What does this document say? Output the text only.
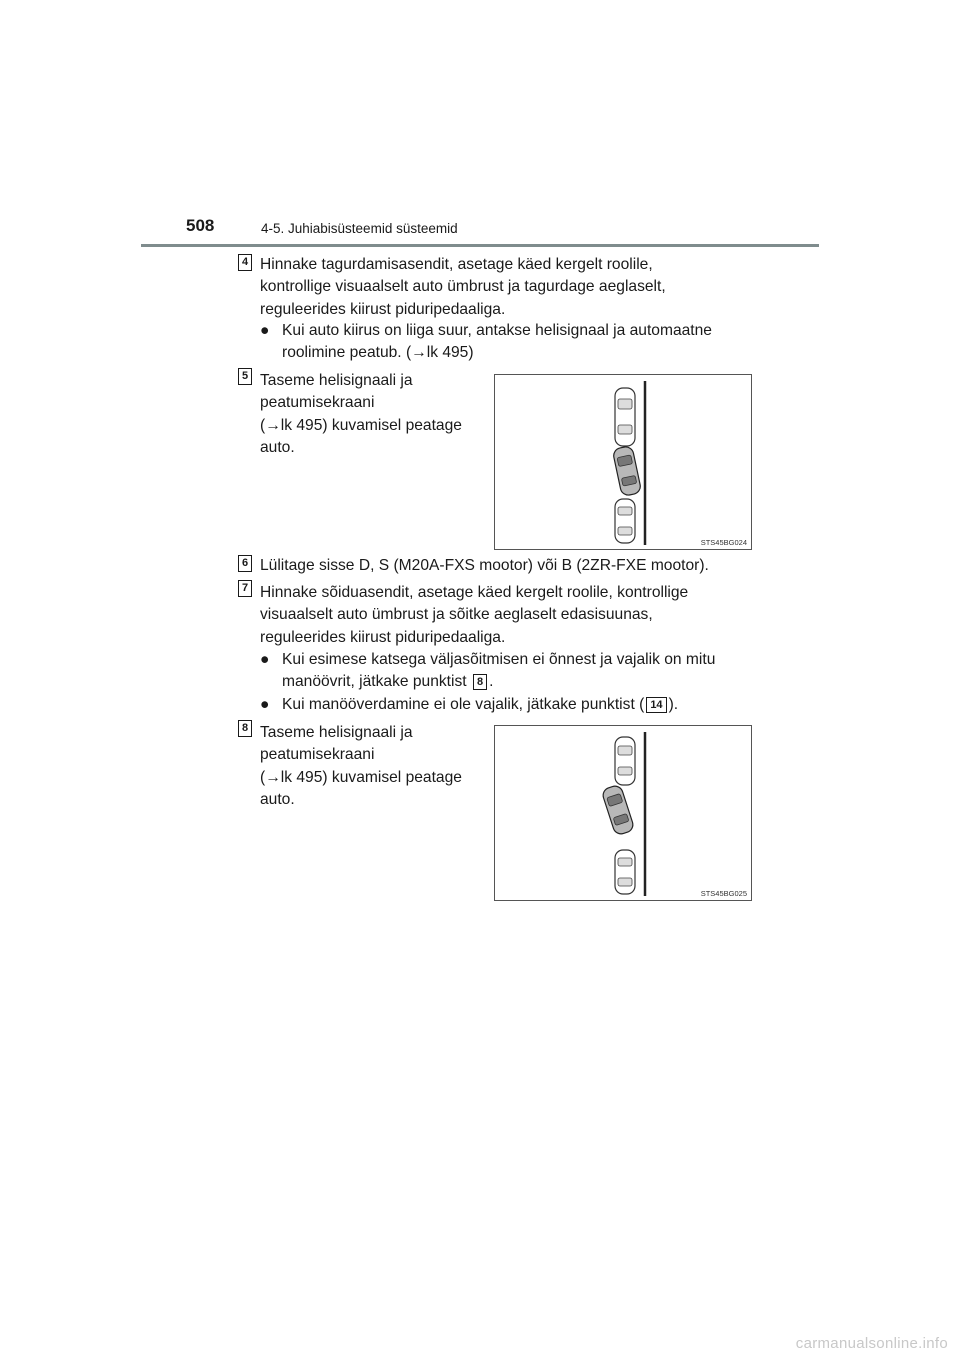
508	4-5. Juhiabisüsteemid süsteemid
4 Hinnake tagurdamisasendit, asetage käed kergelt roolile,
kontrollige visuaalselt auto ümbrust ja tagurdage aeglaselt,
reguleerides kiirust piduripedaaliga.
● Kui auto kiirus on liiga suur, antakse helisignaal ja automaatne
roolimine peatub. (→lk 495)
5 Taseme helisignaali ja
peatumisekraani
(→lk 495) kuvamisel peatage
auto.
STS45BG024
6 Lülitage sisse D, S (M20A-FXS mootor) või B (2ZR-FXE mootor).
7 Hinnake sõiduasendit, asetage käed kergelt roolile, kontrollige
visuaalselt auto ümbrust ja sõitke aeglaselt edasisuunas,
reguleerides kiirust piduripedaaliga.
● Kui esimese katsega väljasõitmisen ei õnnest ja vajalik on mitu
manöövrit, jätkake punktist 8 .
● Kui manööverdamine ei ole vajalik, jätkake punktist ( 14 ).
8 Taseme helisignaali ja
peatumisekraani
(→lk 495) kuvamisel peatage
auto.
STS45BG025
carmanualsonline.info
